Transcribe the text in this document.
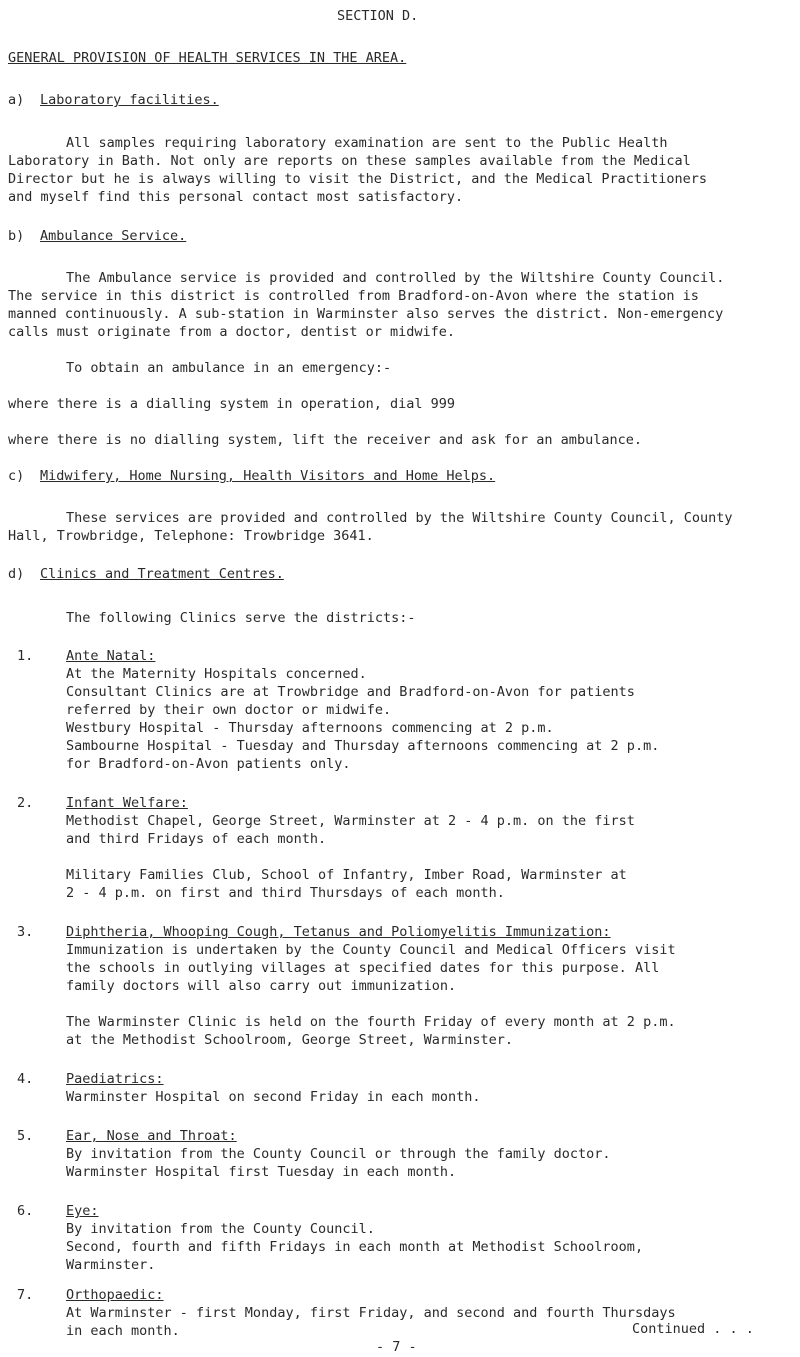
SECTION D.
GENERAL PROVISION OF HEALTH SERVICES IN THE AREA.
a) Laboratory facilities.
All samples requiring laboratory examination are sent to the Public Health
Laboratory in Bath. Not only are reports on these samples available from the Medical
Director but he is always willing to visit the District, and the Medical Practitioners
and myself find this personal contact most satisfactory.
b) Ambulance Service.
The Ambulance service is provided and controlled by the Wiltshire County Council.
The service in this district is controlled from Bradford-on-Avon where the station is
manned continuously. A sub-station in Warminster also serves the district. Non-emergency
calls must originate from a doctor, dentist or midwife.
To obtain an ambulance in an emergency:-
where there is a dialling system in operation, dial 999
where there is no dialling system, lift the receiver and ask for an ambulance.
c) Midwifery, Home Nursing, Health Visitors and Home Helps.
These services are provided and controlled by the Wiltshire County Council, County
Hall, Trowbridge, Telephone: Trowbridge 3641.
d) Clinics and Treatment Centres.
The following Clinics serve the districts:-
1. Ante Natal:
At the Maternity Hospitals concerned.
Consultant Clinics are at Trowbridge and Bradford-on-Avon for patients
referred by their own doctor or midwife.
Westbury Hospital - Thursday afternoons commencing at 2 p.m.
Sambourne Hospital - Tuesday and Thursday afternoons commencing at 2 p.m.
for Bradford-on-Avon patients only.
2. Infant Welfare:
Methodist Chapel, George Street, Warminster at 2 - 4 p.m. on the first
and third Fridays of each month.
Military Families Club, School of Infantry, Imber Road, Warminster at
2 - 4 p.m. on first and third Thursdays of each month.
3. Diphtheria, Whooping Cough, Tetanus and Poliomyelitis Immunization:
Immunization is undertaken by the County Council and Medical Officers visit
the schools in outlying villages at specified dates for this purpose. All
family doctors will also carry out immunization.
The Warminster Clinic is held on the fourth Friday of every month at 2 p.m.
at the Methodist Schoolroom, George Street, Warminster.
4. Paediatrics:
Warminster Hospital on second Friday in each month.
5. Ear, Nose and Throat:
By invitation from the County Council or through the family doctor.
Warminster Hospital first Tuesday in each month.
6. Eye:
By invitation from the County Council.
Second, fourth and fifth Fridays in each month at Methodist Schoolroom,
Warminster.
7. Orthopaedic:
At Warminster - first Monday, first Friday, and second and fourth Thursdays
in each month.	Continued . . .
- 7 -
